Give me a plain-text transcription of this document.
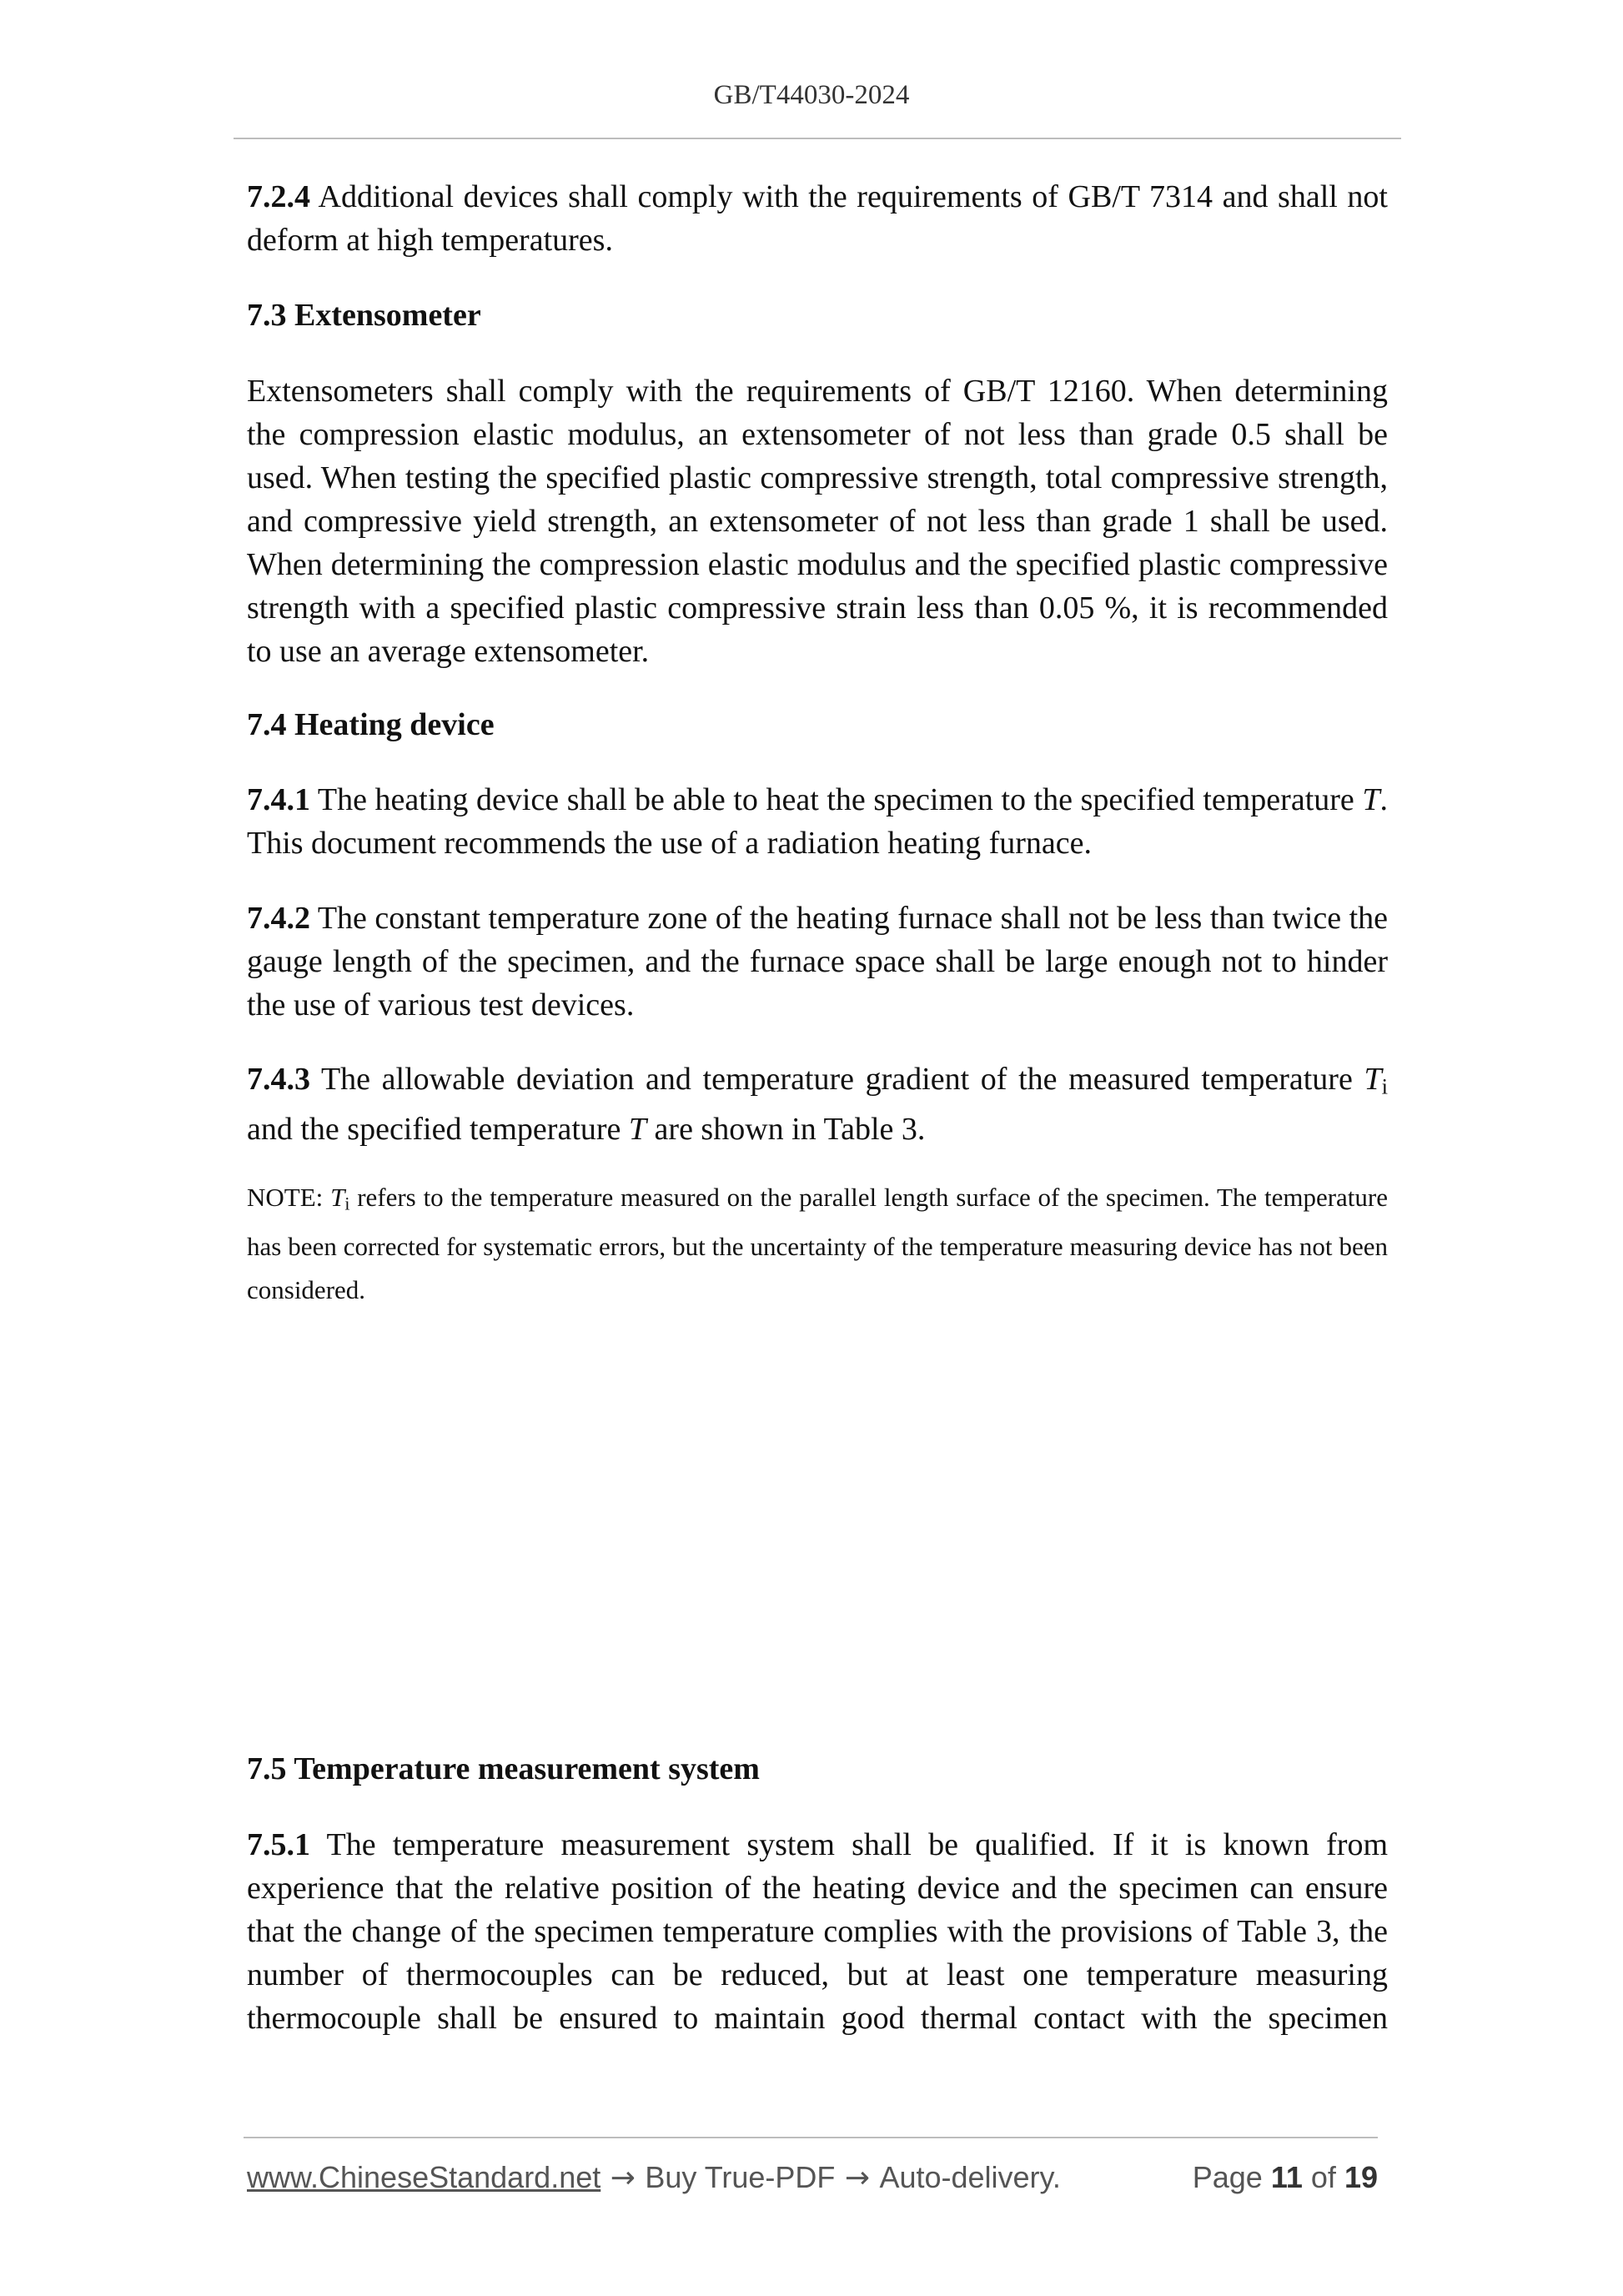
GB/T44030-2024

7.2.4 Additional devices shall comply with the requirements of GB/T 7314 and shall not deform at high temperatures.

7.3 Extensometer

Extensometers shall comply with the requirements of GB/T 12160. When determining the compression elastic modulus, an extensometer of not less than grade 0.5 shall be used. When testing the specified plastic compressive strength, total compressive strength, and compressive yield strength, an extensometer of not less than grade 1 shall be used. When determining the compression elastic modulus and the specified plastic compressive strength with a specified plastic compressive strain less than 0.05 %, it is recommended to use an average extensometer.

7.4 Heating device

7.4.1 The heating device shall be able to heat the specimen to the specified temperature T. This document recommends the use of a radiation heating furnace.

7.4.2 The constant temperature zone of the heating furnace shall not be less than twice the gauge length of the specimen, and the furnace space shall be large enough not to hinder the use of various test devices.

7.4.3 The allowable deviation and temperature gradient of the measured temperature $T_i$ and the specified temperature T are shown in Table 3.

NOTE: $T_i$ refers to the temperature measured on the parallel length surface of the specimen. The temperature has been corrected for systematic errors, but the uncertainty of the temperature measuring device has not been considered.

7.5 Temperature measurement system

7.5.1 The temperature measurement system shall be qualified. If it is known from experience that the relative position of the heating device and the specimen can ensure that the change of the specimen temperature complies with the provisions of Table 3, the number of thermocouples can be reduced, but at least one temperature measuring thermocouple shall be ensured to maintain good thermal contact with the specimen

www.ChineseStandard.net → Buy True-PDF → Auto-delivery.	Page 11 of 19
